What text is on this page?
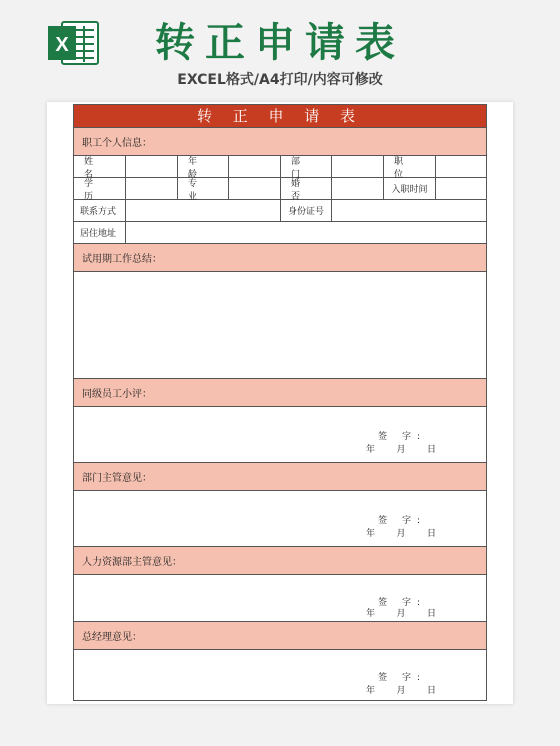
X 转正申请表
EXCEL格式/A4打印/内容可修改
转 正 申 请 表
职工个人信息：
姓 名
年 龄
部 门
职 位
学 历
专 业
婚 否
入职时间
联系方式	身份证号
居住地址
试用期工作总结：
同级员工小评：
签 字:
年 月 日
部门主管意见：
签 字:
年 月 日
人力资源部主管意见：
签 字:
年 月 日
总经理意见：
签 字:
年 月 日
